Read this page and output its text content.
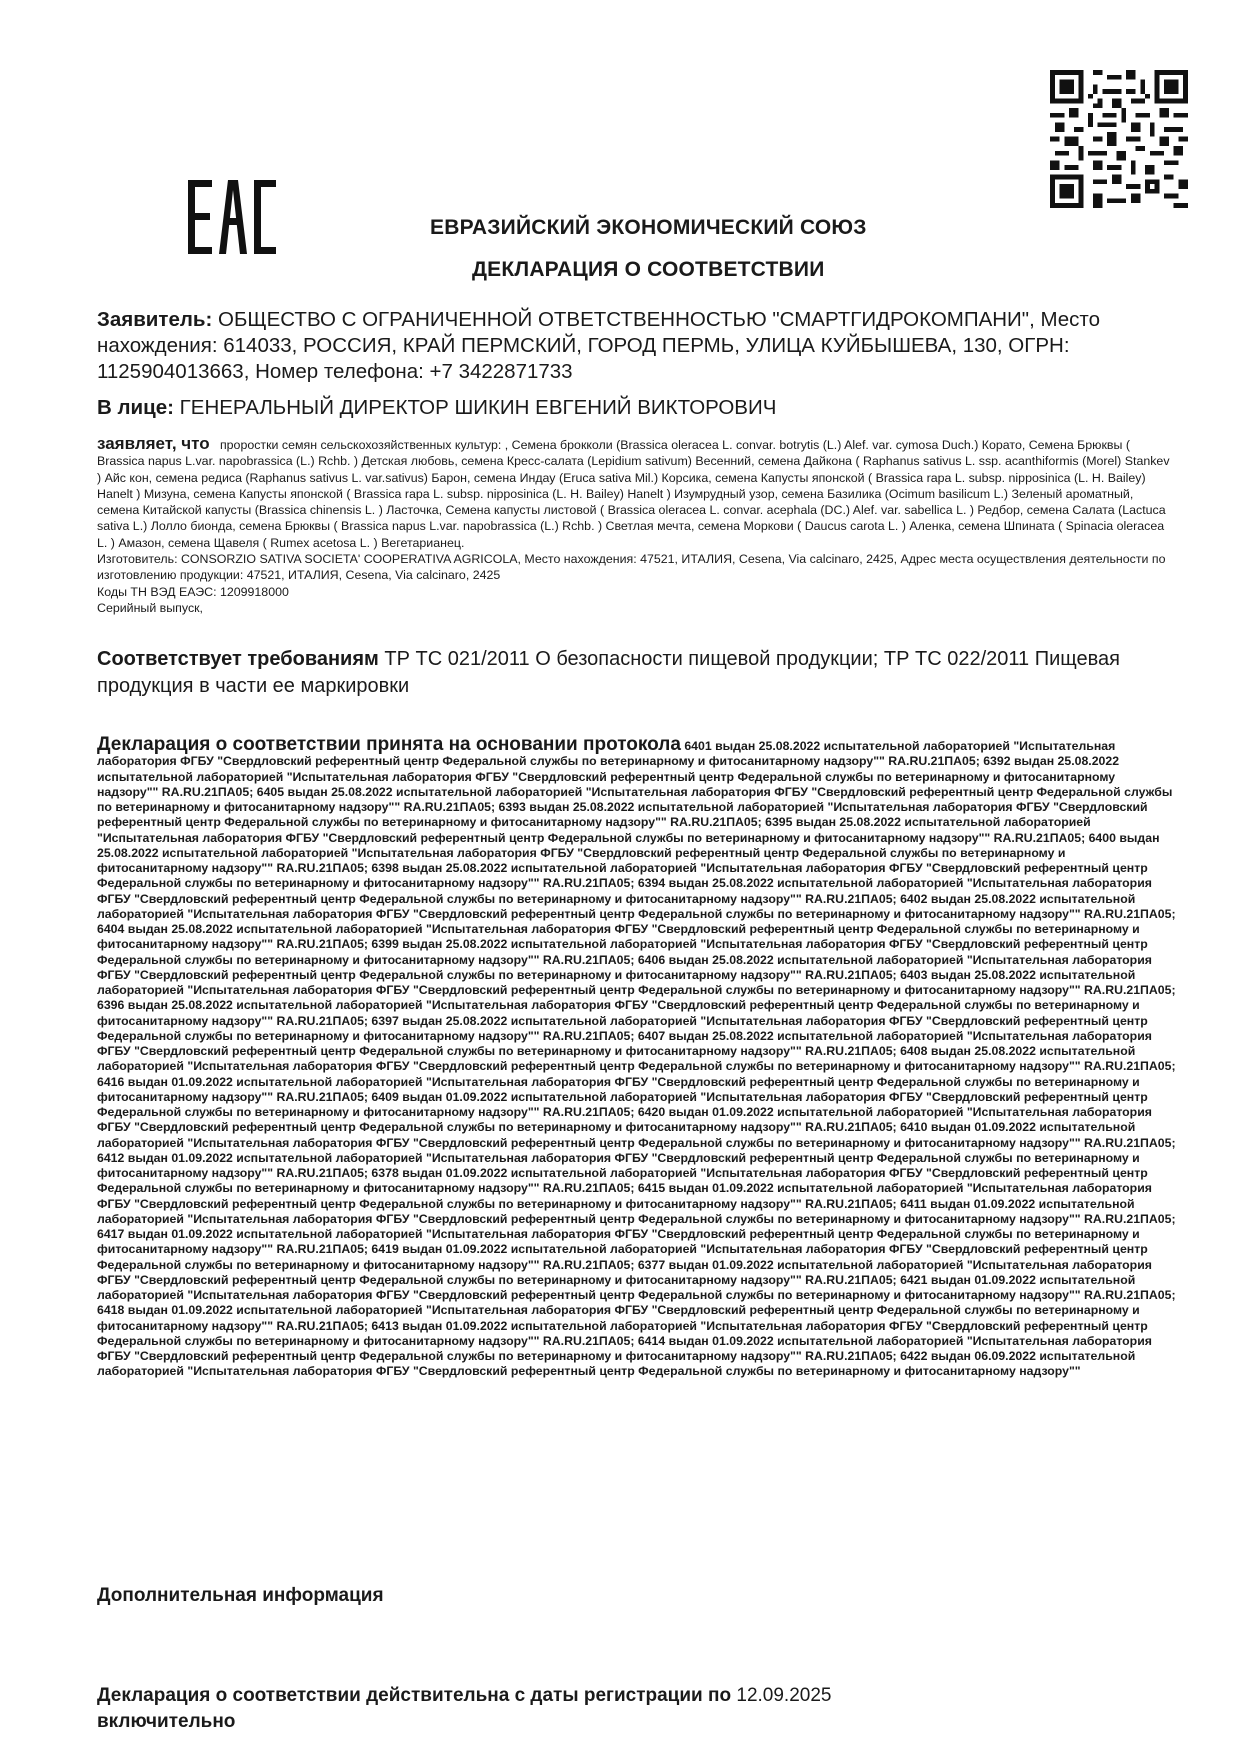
ЕВРАЗИЙСКИЙ ЭКОНОМИЧЕСКИЙ СОЮЗ
ДЕКЛАРАЦИЯ О СООТВЕТСТВИИ
Заявитель: ОБЩЕСТВО С ОГРАНИЧЕННОЙ ОТВЕТСТВЕННОСТЬЮ "СМАРТГИДРОКОМПАНИ", Место нахождения: 614033, РОССИЯ, КРАЙ ПЕРМСКИЙ, ГОРОД ПЕРМЬ, УЛИЦА КУЙБЫШЕВА, 130, ОГРН: 1125904013663, Номер телефона: +7 3422871733
В лице: ГЕНЕРАЛЬНЫЙ ДИРЕКТОР ШИКИН ЕВГЕНИЙ ВИКТОРОВИЧ

заявляет, что проростки семян сельскохозяйственных культур: , Семена брокколи (Brassica oleracea L. convar. botrytis (L.) Alef. var. cymosa Duch.) Корато, Семена Брюквы ( Brassica napus L.var. napobrassica (L.) Rchb. ) Детская любовь, семена Кресс-салата (Lepidium sativum) Весенний, семена Дайкона ( Raphanus sativus L. ssp. acanthiformis (Morel) Stankev ) Айс кон, семена редиса (Raphanus sativus L. var.sativus) Барон, семена Индау (Eruca sativa Mil.) Корсика, семена Капусты японской ( Brassica rapa L. subsp. nipposinica (L. H. Bailey) Hanelt ) Мизуна, семена Капусты японской ( Brassica rapa L. subsp. nipposinica (L. H. Bailey) Hanelt ) Изумрудный узор, семена Базилика (Ocimum basilicum L.) Зеленый ароматный, семена Китайской капусты (Brassica chinensis L. ) Ласточка, Семена капусты листовой ( Brassica oleracea L. convar. acephala (DC.) Alef. var. sabellica L. ) Редбор, семена Салата (Lactuca sativa L.) Лолло бионда, семена Брюквы ( Brassica napus L.var. napobrassica (L.) Rchb. ) Светлая мечта, семена Моркови ( Daucus carota L. ) Аленка, семена Шпината ( Spinacia oleracea L. ) Амазон, семена Щавеля ( Rumex acetosa L. ) Вегетарианец.

Изготовитель: CONSORZIO SATIVA SOCIETA' COOPERATIVA AGRICOLA, Место нахождения: 47521, ИТАЛИЯ, Cesena, Via calcinaro, 2425, Адрес места осуществления деятельности по изготовлению продукции: 47521, ИТАЛИЯ, Cesena, Via calcinaro, 2425

Коды ТН ВЭД ЕАЭС: 1209918000

Серийный выпуск,

Соответствует требованиям ТР ТС 021/2011 О безопасности пищевой продукции; ТР ТС 022/2011 Пищевая продукция в части ее маркировки
Декларация о соответствии принята на основании протокола 6401 выдан 25.08.2022 испытательной лабораторией "Испытательная лаборатория ФГБУ "Свердловский референтный центр Федеральной службы по ветеринарному и фитосанитарному надзору"" RA.RU.21ПА05; 6392 выдан 25.08.2022 испытательной лабораторией "Испытательная лаборатория ФГБУ "Свердловский референтный центр Федеральной службы по ветеринарному и фитосанитарному надзору"" RA.RU.21ПА05; 6405 выдан 25.08.2022 испытательной лабораторией "Испытательная лаборатория ФГБУ "Свердловский референтный центр Федеральной службы по ветеринарному и фитосанитарному надзору"" RA.RU.21ПА05; 6393 выдан 25.08.2022 испытательной лабораторией "Испытательная лаборатория ФГБУ "Свердловский референтный центр Федеральной службы по ветеринарному и фитосанитарному надзору"" RA.RU.21ПА05; 6395 выдан 25.08.2022 испытательной лабораторией "Испытательная лаборатория ФГБУ "Свердловский референтный центр Федеральной службы по ветеринарному и фитосанитарному надзору"" RA.RU.21ПА05; 6400 выдан 25.08.2022 испытательной лабораторией "Испытательная лаборатория ФГБУ "Свердловский референтный центр Федеральной службы по ветеринарному и фитосанитарному надзору"" RA.RU.21ПА05; 6398 выдан 25.08.2022 испытательной лабораторией "Испытательная лаборатория ФГБУ "Свердловский референтный центр Федеральной службы по ветеринарному и фитосанитарному надзору"" RA.RU.21ПА05; 6394 выдан 25.08.2022 испытательной лабораторией "Испытательная лаборатория ФГБУ "Свердловский референтный центр Федеральной службы по ветеринарному и фитосанитарному надзору"" RA.RU.21ПА05; 6402 выдан 25.08.2022 испытательной лабораторией "Испытательная лаборатория ФГБУ "Свердловский референтный центр Федеральной службы по ветеринарному и фитосанитарному надзору"" RA.RU.21ПА05; 6404 выдан 25.08.2022 испытательной лабораторией "Испытательная лаборатория ФГБУ "Свердловский референтный центр Федеральной службы по ветеринарному и фитосанитарному надзору"" RA.RU.21ПА05; 6399 выдан 25.08.2022 испытательной лабораторией "Испытательная лаборатория ФГБУ "Свердловский референтный центр Федеральной службы по ветеринарному и фитосанитарному надзору"" RA.RU.21ПА05; 6406 выдан 25.08.2022 испытательной лабораторией "Испытательная лаборатория ФГБУ "Свердловский референтный центр Федеральной службы по ветеринарному и фитосанитарному надзору"" RA.RU.21ПА05; 6403 выдан 25.08.2022 испытательной лабораторией "Испытательная лаборатория ФГБУ "Свердловский референтный центр Федеральной службы по ветеринарному и фитосанитарному надзору"" RA.RU.21ПА05; 6396 выдан 25.08.2022 испытательной лабораторией "Испытательная лаборатория ФГБУ "Свердловский референтный центр Федеральной службы по ветеринарному и фитосанитарному надзору"" RA.RU.21ПА05; 6397 выдан 25.08.2022 испытательной лабораторией "Испытательная лаборатория ФГБУ "Свердловский референтный центр Федеральной службы по ветеринарному и фитосанитарному надзору"" RA.RU.21ПА05; 6407 выдан 25.08.2022 испытательной лабораторией "Испытательная лаборатория ФГБУ "Свердловский референтный центр Федеральной службы по ветеринарному и фитосанитарному надзору"" RA.RU.21ПА05; 6408 выдан 25.08.2022 испытательной лабораторией "Испытательная лаборатория ФГБУ "Свердловский референтный центр Федеральной службы по ветеринарному и фитосанитарному надзору"" RA.RU.21ПА05; 6416 выдан 01.09.2022 испытательной лабораторией "Испытательная лаборатория ФГБУ "Свердловский референтный центр Федеральной службы по ветеринарному и фитосанитарному надзору"" RA.RU.21ПА05; 6409 выдан 01.09.2022 испытательной лабораторией "Испытательная лаборатория ФГБУ "Свердловский референтный центр Федеральной службы по ветеринарному и фитосанитарному надзору"" RA.RU.21ПА05; 6420 выдан 01.09.2022 испытательной лабораторией "Испытательная лаборатория ФГБУ "Свердловский референтный центр Федеральной службы по ветеринарному и фитосанитарному надзору"" RA.RU.21ПА05; 6410 выдан 01.09.2022 испытательной лабораторией "Испытательная лаборатория ФГБУ "Свердловский референтный центр Федеральной службы по ветеринарному и фитосанитарному надзору"" RA.RU.21ПА05; 6412 выдан 01.09.2022 испытательной лабораторией "Испытательная лаборатория ФГБУ "Свердловский референтный центр Федеральной службы по ветеринарному и фитосанитарному надзору"" RA.RU.21ПА05; 6378 выдан 01.09.2022 испытательной лабораторией "Испытательная лаборатория ФГБУ "Свердловский референтный центр Федеральной службы по ветеринарному и фитосанитарному надзору"" RA.RU.21ПА05; 6415 выдан 01.09.2022 испытательной лабораторией "Испытательная лаборатория ФГБУ "Свердловский референтный центр Федеральной службы по ветеринарному и фитосанитарному надзору"" RA.RU.21ПА05; 6411 выдан 01.09.2022 испытательной лабораторией "Испытательная лаборатория ФГБУ "Свердловский референтный центр Федеральной службы по ветеринарному и фитосанитарному надзору"" RA.RU.21ПА05; 6417 выдан 01.09.2022 испытательной лабораторией "Испытательная лаборатория ФГБУ "Свердловский референтный центр Федеральной службы по ветеринарному и фитосанитарному надзору"" RA.RU.21ПА05; 6419 выдан 01.09.2022 испытательной лабораторией "Испытательная лаборатория ФГБУ "Свердловский референтный центр Федеральной службы по ветеринарному и фитосанитарному надзору"" RA.RU.21ПА05; 6377 выдан 01.09.2022 испытательной лабораторией "Испытательная лаборатория ФГБУ "Свердловский референтный центр Федеральной службы по ветеринарному и фитосанитарному надзору"" RA.RU.21ПА05; 6421 выдан 01.09.2022 испытательной лабораторией "Испытательная лаборатория ФГБУ "Свердловский референтный центр Федеральной службы по ветеринарному и фитосанитарному надзору"" RA.RU.21ПА05; 6418 выдан 01.09.2022 испытательной лабораторией "Испытательная лаборатория ФГБУ "Свердловский референтный центр Федеральной службы по ветеринарному и фитосанитарному надзору"" RA.RU.21ПА05; 6413 выдан 01.09.2022 испытательной лабораторией "Испытательная лаборатория ФГБУ "Свердловский референтный центр Федеральной службы по ветеринарному и фитосанитарному надзору"" RA.RU.21ПА05; 6414 выдан 01.09.2022 испытательной лабораторией "Испытательная лаборатория ФГБУ "Свердловский референтный центр Федеральной службы по ветеринарному и фитосанитарному надзору"" RA.RU.21ПА05; 6422 выдан 06.09.2022 испытательной лабораторией "Испытательная лаборатория ФГБУ "Свердловский референтный центр Федеральной службы по ветеринарному и фитосанитарному надзору""
Дополнительная информация
Декларация о соответствии действительна с даты регистрации по 12.09.2025
включительно
